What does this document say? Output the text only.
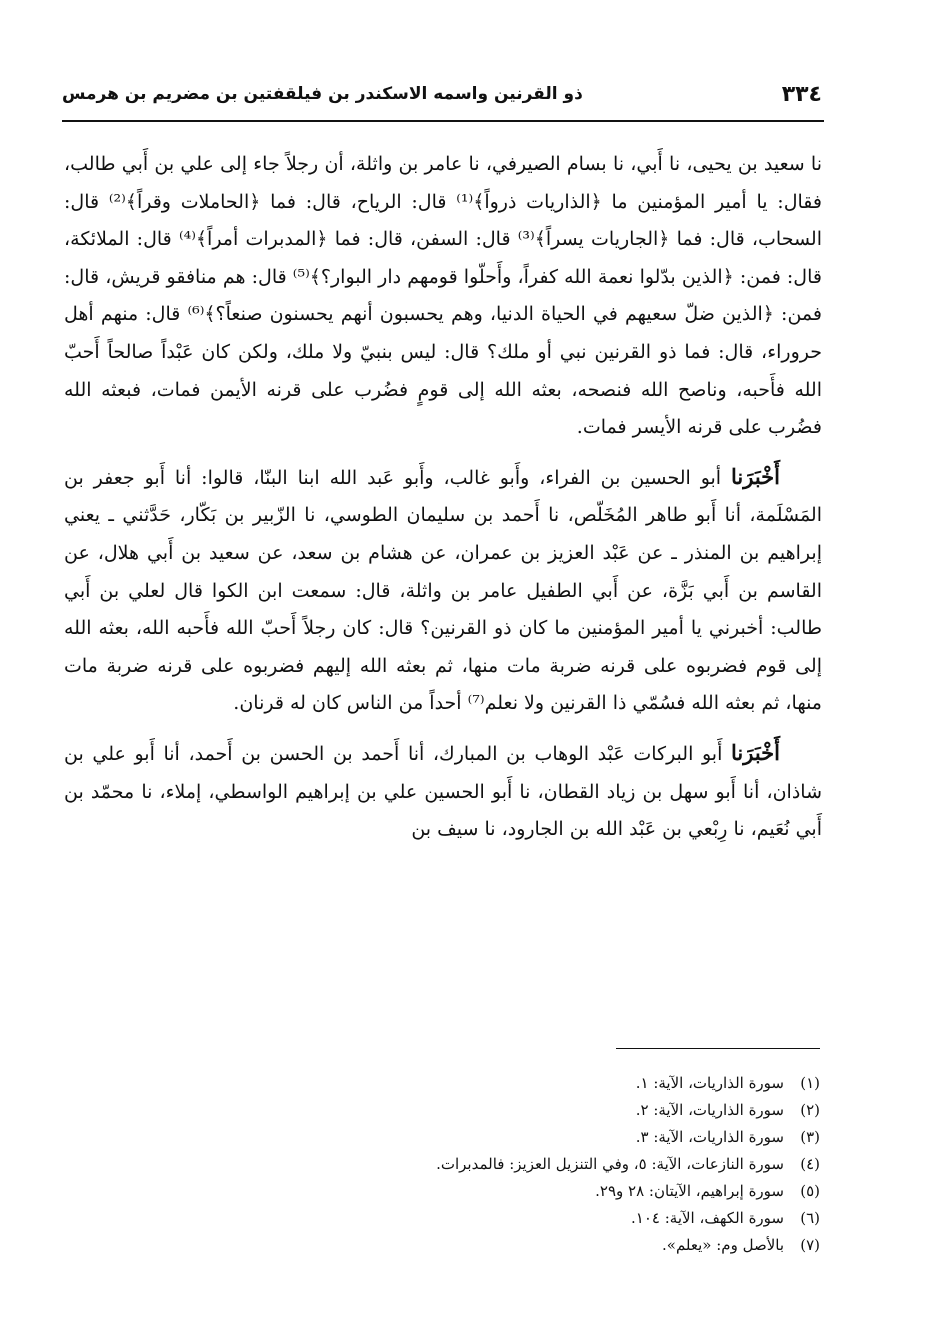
٣٣٤
ذو القرنين واسمه الاسكندر بن فيلقفتين بن مضريم بن هرمس

نا سعيد بن يحيى، نا أَبي، نا بسام الصيرفي، نا عامر بن واثلة، أن رجلاً جاء إلى علي بن أَبي طالب، فقال: يا أمير المؤمنين ما ﴿الذاريات ذرواً﴾⁽¹⁾ قال: الرياح، قال: فما ﴿الحاملات وقراً﴾⁽²⁾ قال: السحاب، قال: فما ﴿الجاريات يسراً﴾⁽³⁾ قال: السفن، قال: فما ﴿المدبرات أمراً﴾⁽⁴⁾ قال: الملائكة، قال: فمن: ﴿الذين بدّلوا نعمة الله كفراً، وأَحلّوا قومهم دار البوار؟﴾⁽⁵⁾ قال: هم منافقو قريش، قال: فمن: ﴿الذين ضلّ سعيهم في الحياة الدنيا، وهم يحسبون أنهم يحسنون صنعاً؟﴾⁽⁶⁾ قال: منهم أهل حروراء، قال: فما ذو القرنين نبي أو ملك؟ قال: ليس بنبيّ ولا ملك، ولكن كان عَبْداً صالحاً أَحبّ الله فأَحبه، وناصح الله فنصحه، بعثه الله إلى قومٍ فضُرب على قرنه الأيمن فمات، فبعثه الله فضُرب على قرنه الأيسر فمات.

أَخْبَرَنا أبو الحسين بن الفراء، وأَبو غالب، وأَبو عَبد الله ابنا البنّا، قالوا: أنا أَبو جعفر بن المَسْلَمة، أنا أَبو طاهر المُخَلّص، نا أَحمد بن سليمان الطوسي، نا الزّبير بن بَكّار، حَدَّثني ـ يعني إبراهيم بن المنذر ـ عن عَبْد العزيز بن عمران، عن هشام بن سعد، عن سعيد بن أَبي هلال، عن القاسم بن أَبي بَزَّة، عن أَبي الطفيل عامر بن واثلة، قال: سمعت ابن الكوا قال لعلي بن أَبي طالب: أخبرني يا أمير المؤمنين ما كان ذو القرنين؟ قال: كان رجلاً أَحبّ الله فأَحبه الله، بعثه الله إلى قوم فضربوه على قرنه ضربة مات منها، ثم بعثه الله إليهم فضربوه على قرنه ضربة مات منها، ثم بعثه الله فسُمّي ذا القرنين ولا نعلم⁽⁷⁾ أحداً من الناس كان له قرنان.

أَخْبَرَنا أَبو البركات عَبْد الوهاب بن المبارك، أنا أَحمد بن الحسن بن أَحمد، أنا أَبو علي بن شاذان، أنا أَبو سهل بن زياد القطان، نا أَبو الحسين علي بن إبراهيم الواسطي، إملاء، نا محمّد بن أَبي نُعَيم، نا رِبْعي بن عَبْد الله بن الجارود، نا سيف بن

(١)
سورة الذاريات، الآية: ١.
(٢)
سورة الذاريات، الآية: ٢.
(٣)
سورة الذاريات، الآية: ٣.
(٤)
سورة النازعات، الآية: ٥، وفي التنزيل العزيز: فالمدبرات.
(٥)
سورة إبراهيم، الآيتان: ٢٨ و٢٩.
(٦)
سورة الكهف، الآية: ١٠٤.
(٧)
بالأصل وم: «يعلم».
